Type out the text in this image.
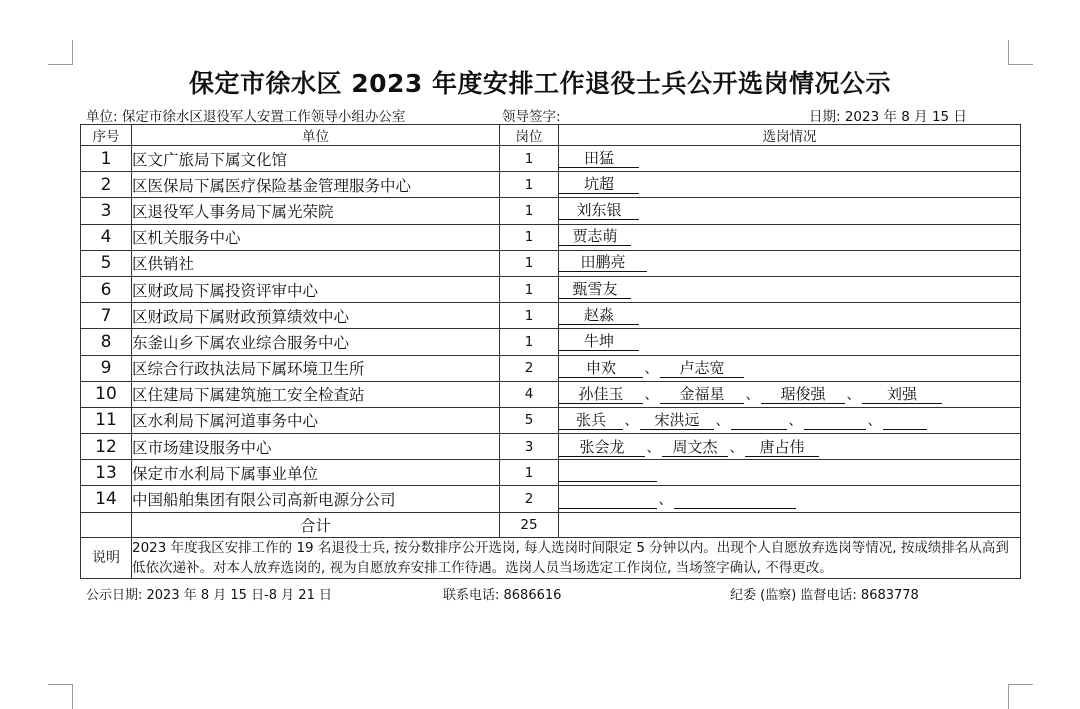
保定市徐水区 2023 年度安排工作退役士兵公开选岗情况公示
单位: 保定市徐水区退役军人安置工作领导小组办公室	领导签字:	日期: 2023 年 8 月 15 日
序号	单位	岗位	选岗情况
1	区文广旅局下属文化馆	1	田猛
2	区医保局下属医疗保险基金管理服务中心	1	坑超
3	区退役军人事务局下属光荣院	1	刘东银
4	区机关服务中心	1	贾志萌
5	区供销社	1	田鹏亮
6	区财政局下属投资评审中心	1	甄雪友
7	区财政局下属财政预算绩效中心	1	赵淼
8	东釜山乡下属农业综合服务中心	1	牛坤
9	区综合行政执法局下属环境卫生所	2	申欢 、 卢志宽
10	区住建局下属建筑施工安全检查站	4	孙佳玉 、 金福星 、 琚俊强 、 刘强
11	区水利局下属河道事务中心	5	张兵 、 宋洪远 、 、 、
12	区市场建设服务中心	3	张会龙 、 周文杰 、 唐占伟
13	保定市水利局下属事业单位	1	
14	中国船舶集团有限公司高新电源分公司	2	、
	合计	25	
说明	2023 年度我区安排工作的 19 名退役士兵, 按分数排序公开选岗, 每人选岗时间限定 5 分钟以内。出现个人自愿放弃选岗等情况, 按成绩排名从高到低依次递补。对本人放弃选岗的, 视为自愿放弃安排工作待遇。选岗人员当场选定工作岗位, 当场签字确认, 不得更改。		
公示日期: 2023 年 8 月 15 日-8 月 21 日	联系电话: 8686616	纪委 (监察) 监督电话: 8683778
